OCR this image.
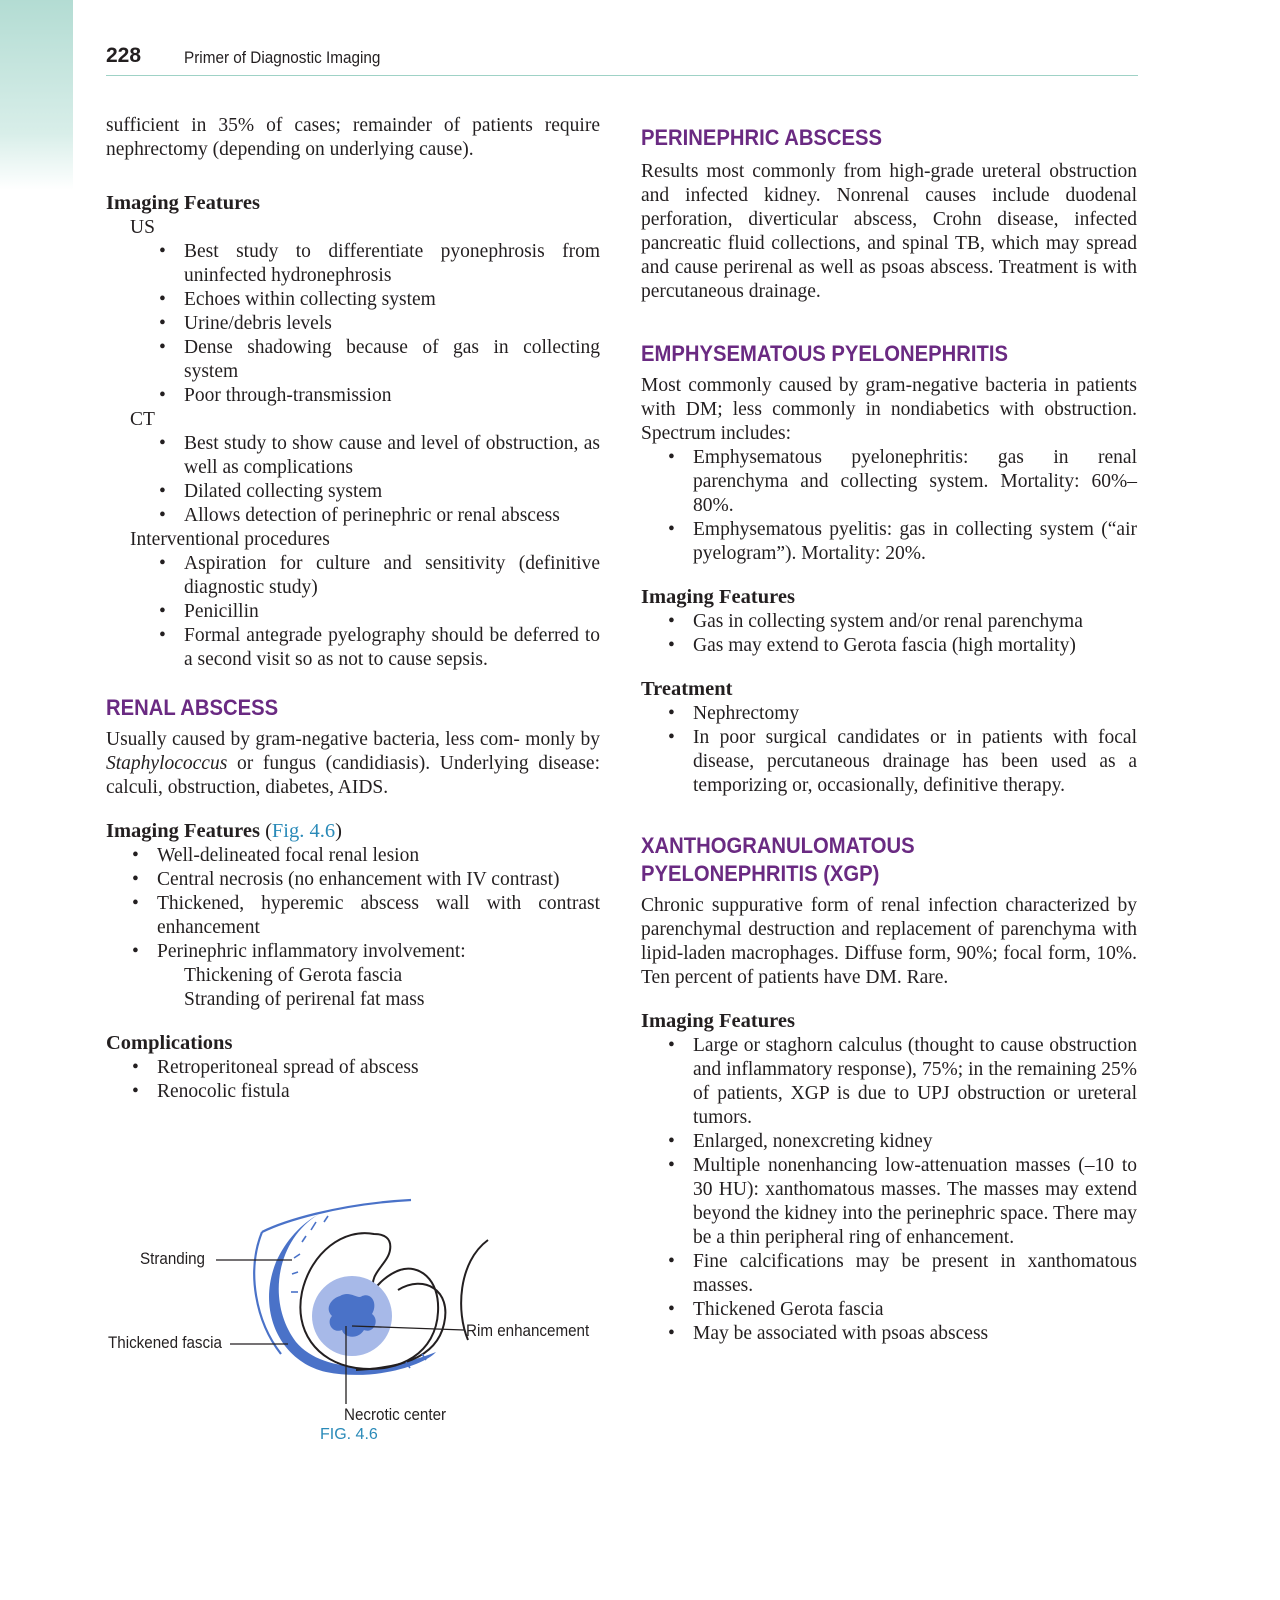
228	Primer of Diagnostic Imaging

sufficient in 35% of cases; remainder of patients require nephrectomy (depending on underlying cause).

Imaging Features
US
• Best study to differentiate pyonephrosis from uninfected hydronephrosis
• Echoes within collecting system
• Urine/debris levels
• Dense shadowing because of gas in collecting system
• Poor through-transmission
CT
• Best study to show cause and level of obstruction, as well as complications
• Dilated collecting system
• Allows detection of perinephric or renal abscess
Interventional procedures
• Aspiration for culture and sensitivity (definitive diagnostic study)
• Penicillin
• Formal antegrade pyelography should be deferred to a second visit so as not to cause sepsis.
RENAL ABSCESS

Usually caused by gram-negative bacteria, less com- monly by Staphylococcus or fungus (candidiasis). Underlying disease: calculi, obstruction, diabetes, AIDS.

Imaging Features (Fig. 4.6)
• Well-delineated focal renal lesion
• Central necrosis (no enhancement with IV contrast)
• Thickened, hyperemic abscess wall with contrast enhancement
• Perinephric inflammatory involvement:
Thickening of Gerota fascia
Stranding of perirenal fat mass
Complications
• Retroperitoneal spread of abscess
• Renocolic fistula
Stranding
Thickened fascia
Rim enhancement
Necrotic center
FIG. 4.6
PERINEPHRIC ABSCESS

Results most commonly from high-grade ureteral obstruction and infected kidney. Nonrenal causes include duodenal perforation, diverticular abscess, Crohn disease, infected pancreatic fluid collections, and spinal TB, which may spread and cause perirenal as well as psoas abscess. Treatment is with percutaneous drainage.

EMPHYSEMATOUS PYELONEPHRITIS

Most commonly caused by gram-negative bacteria in patients with DM; less commonly in nondiabetics with obstruction. Spectrum includes:

• Emphysematous pyelonephritis: gas in renal parenchyma and collecting system. Mortality: 60%–80%.
• Emphysematous pyelitis: gas in collecting system (“air pyelogram”). Mortality: 20%.
Imaging Features
• Gas in collecting system and/or renal parenchyma
• Gas may extend to Gerota fascia (high mortality)
Treatment
• Nephrectomy
• In poor surgical candidates or in patients with focal disease, percutaneous drainage has been used as a temporizing or, occasionally, definitive therapy.
XANTHOGRANULOMATOUS
PYELONEPHRITIS (XGP)

Chronic suppurative form of renal infection characterized by parenchymal destruction and replacement of parenchyma with lipid-laden macrophages. Diffuse form, 90%; focal form, 10%. Ten percent of patients have DM. Rare.

Imaging Features
• Large or staghorn calculus (thought to cause obstruction and inflammatory response), 75%; in the remaining 25% of patients, XGP is due to UPJ obstruction or ureteral tumors.
• Enlarged, nonexcreting kidney
• Multiple nonenhancing low-attenuation masses (–10 to 30 HU): xanthomatous masses. The masses may extend beyond the kidney into the perinephric space. There may be a thin peripheral ring of enhancement.
• Fine calcifications may be present in xanthomatous masses.
• Thickened Gerota fascia
• May be associated with psoas abscess
